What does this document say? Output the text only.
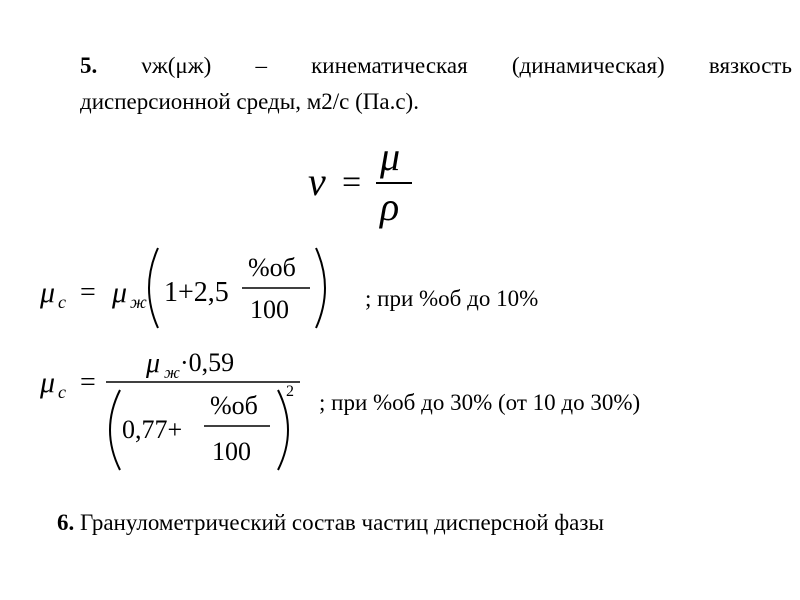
5. νж(μж) – кинематическая (динамическая) вязкость
дисперсионной среды, м2/с (Па.с).
ν =
μ
ρ
μ c = μ ж 1+2,5
%об
100	; при %об до 10%
μ c =
μ ж ·0,59
0,77+
%об
100
2 ; при %об до 30% (от 10 до 30%)
6. Гранулометрический состав частиц дисперсной фазы
